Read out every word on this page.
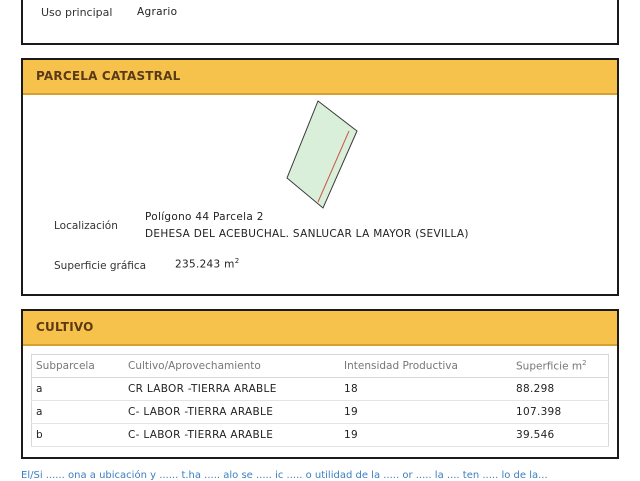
Uso principal Agrario
PARCELA CATASTRAL
Localización
Polígono 44 Parcela 2
DEHESA DEL ACEBUCHAL. SANLUCAR LA MAYOR (SEVILLA)
Superficie gráfica	235.243 $m^2$
CULTIVO
Subparcela	Cultivo/Aprovechamiento	Intensidad Productiva	Superficie $m^2$
a	CR LABOR -TIERRA ARABLE	18	88.298
a	C- LABOR -TIERRA ARABLE	19	107.398
b	C- LABOR -TIERRA ARABLE	19	39.546
El/Si ...... ona a ubicación y ...... t.ha ..... alo se ..... ic ..... o utilidad de la ..... or ..... la .... ten ..... lo de la...
